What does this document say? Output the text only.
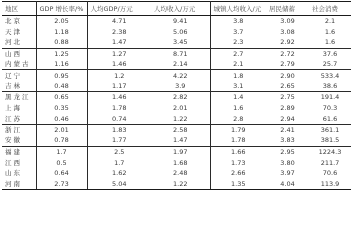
地区	GDP 增长率/%	人均GDP/万元	人均收入/万元	城镇人均收入/元	居民储蓄	社会消费
北京	2.05	4.71	9.41	3.8	3.09	2.1
天津	1.18	2.38	5.06	3.7	3.08	1.6
河北	0.88	1.47	3.45	2.3	2.92	1.6
山西	1.25	1.27	8.71	2.7	2.72	37.6
内蒙古	1.16	1.46	2.14	2.1	2.79	25.7
辽宁	0.95	1.2	4.22	1.8	2.90	533.4
吉林	0.48	1.17	3.9	3.1	2.65	38.6
黑龙江	0.65	1.46	2.82	1.4	2.75	191.4
上海	0.35	1.78	2.01	1.6	2.89	70.3
江苏	0.46	0.74	1.22	2.8	2.94	61.6
浙江	2.01	1.83	2.58	1.79	2.41	361.1
安徽	0.78	1.77	1.47	1.78	3.83	381.5
福建	1.7	2.5	1.97	1.66	2.95	1224.3
江西	0.5	1.7	1.68	1.73	3.80	211.7
山东	0.64	1.62	2.48	2.66	3.97	70.6
河南	2.73	5.04	1.22	1.35	4.04	113.9
